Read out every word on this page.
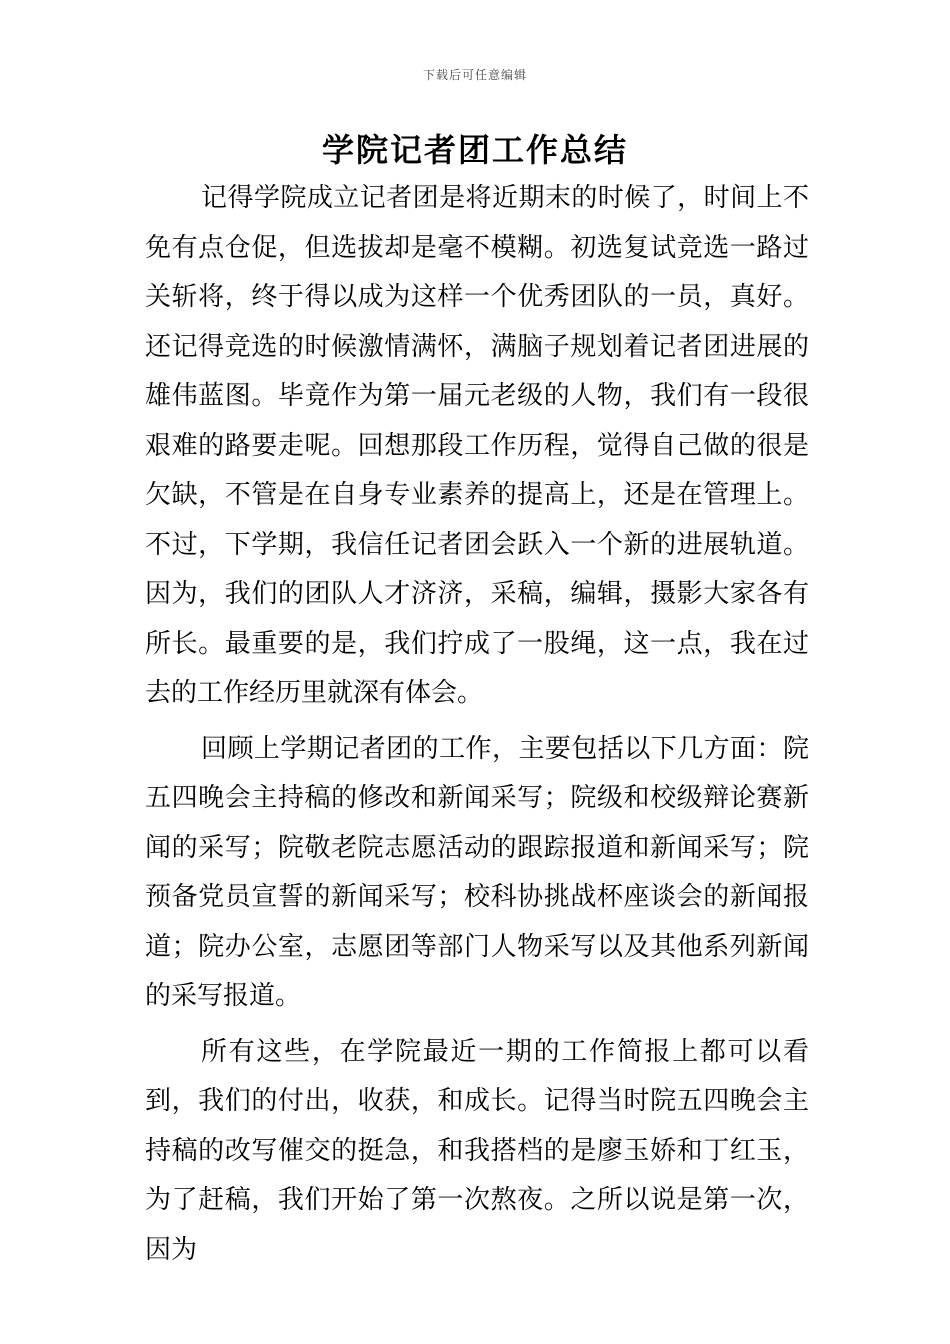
下载后可任意编辑
学院记者团工作总结

记得学院成立记者团是将近期末的时候了，时间上不免有点仓促，但选拔却是毫不模糊。初选复试竞选一路过关斩将，终于得以成为这样一个优秀团队的一员，真好。还记得竞选的时候激情满怀，满脑子规划着记者团进展的雄伟蓝图。毕竟作为第一届元老级的人物，我们有一段很艰难的路要走呢。回想那段工作历程，觉得自己做的很是欠缺，不管是在自身专业素养的提高上，还是在管理上。不过，下学期，我信任记者团会跃入一个新的进展轨道。因为，我们的团队人才济济，采稿，编辑，摄影大家各有所长。最重要的是，我们拧成了一股绳，这一点，我在过去的工作经历里就深有体会。

回顾上学期记者团的工作，主要包括以下几方面：院五四晚会主持稿的修改和新闻采写；院级和校级辩论赛新闻的采写；院敬老院志愿活动的跟踪报道和新闻采写；院预备党员宣誓的新闻采写；校科协挑战杯座谈会的新闻报道；院办公室，志愿团等部门人物采写以及其他系列新闻的采写报道。

所有这些，在学院最近一期的工作简报上都可以看到，我们的付出，收获，和成长。记得当时院五四晚会主持稿的改写催交的挺急，和我搭档的是廖玉娇和丁红玉，为了赶稿，我们开始了第一次熬夜。之所以说是第一次，因为
